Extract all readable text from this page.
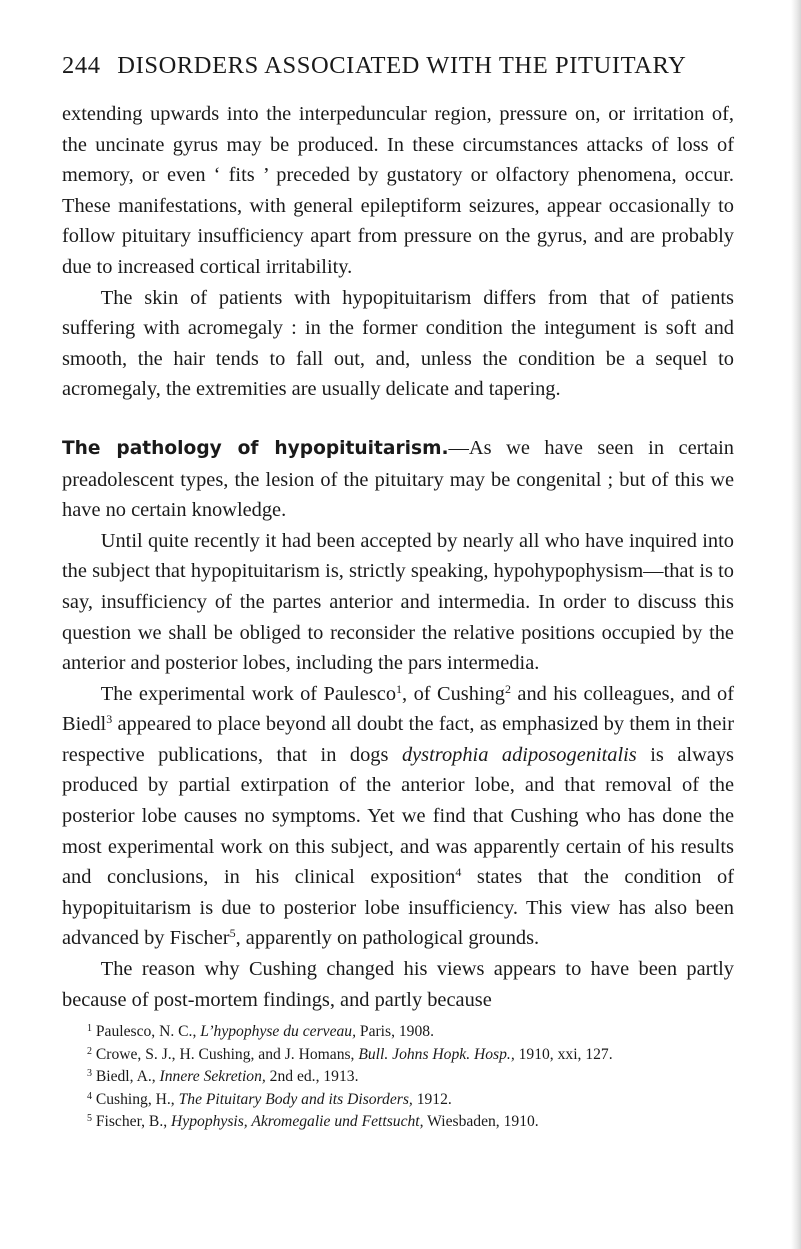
244 DISORDERS ASSOCIATED WITH THE PITUITARY

extending upwards into the interpeduncular region, pressure on, or irritation of, the uncinate gyrus may be produced. In these circumstances attacks of loss of memory, or even ‘ fits ’ preceded by gustatory or olfactory phenomena, occur. These manifestations, with general epileptiform seizures, appear occasionally to follow pituitary insufficiency apart from pressure on the gyrus, and are probably due to increased cortical irritability.

The skin of patients with hypopituitarism differs from that of patients suffering with acromegaly : in the former condition the integument is soft and smooth, the hair tends to fall out, and, unless the condition be a sequel to acromegaly, the extremities are usually delicate and tapering.

The pathology of hypopituitarism.—As we have seen in certain preadolescent types, the lesion of the pituitary may be congenital ; but of this we have no certain knowledge.

Until quite recently it had been accepted by nearly all who have inquired into the subject that hypopituitarism is, strictly speaking, hypohypophysism—that is to say, insufficiency of the partes anterior and intermedia. In order to discuss this question we shall be obliged to reconsider the relative positions occupied by the anterior and posterior lobes, including the pars intermedia.

The experimental work of Paulesco$^1$, of Cushing$^2$ and his colleagues, and of Biedl$^3$ appeared to place beyond all doubt the fact, as emphasized by them in their respective publications, that in dogs dystrophia adiposogenitalis is always produced by partial extirpation of the anterior lobe, and that removal of the posterior lobe causes no symptoms. Yet we find that Cushing who has done the most experimental work on this subject, and was apparently certain of his results and conclusions, in his clinical exposition$^4$ states that the condition of hypopituitarism is due to posterior lobe insufficiency. This view has also been advanced by Fischer$^5$, apparently on pathological grounds.

The reason why Cushing changed his views appears to have been partly because of post-mortem findings, and partly because

$^1$ Paulesco, N. C., L’hypophyse du cerveau, Paris, 1908.

$^2$ Crowe, S. J., H. Cushing, and J. Homans, Bull. Johns Hopk. Hosp., 1910, xxi, 127.

$^3$ Biedl, A., Innere Sekretion, 2nd ed., 1913.

$^4$ Cushing, H., The Pituitary Body and its Disorders, 1912.

$^5$ Fischer, B., Hypophysis, Akromegalie und Fettsucht, Wiesbaden, 1910.
